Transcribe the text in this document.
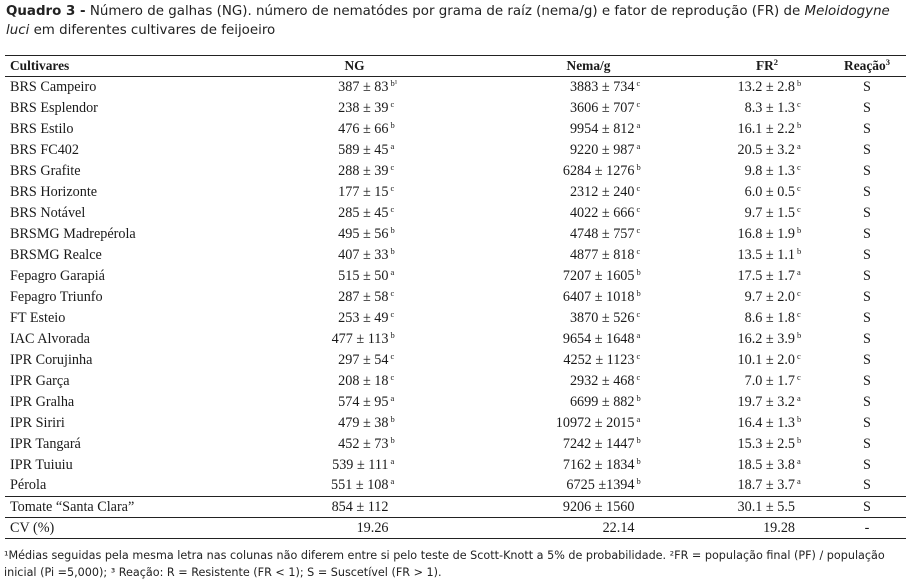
Quadro 3 - Número de galhas (NG). número de nematódes por grama de raíz (nema/g) e fator de reprodução (FR) de Meloidogyne luci em diferentes cultivares de feijoeiro
Cultivares	NG	Nema/g	$FR^2$	Reação$^3$
BRS Campeiro	387 ± 83 b¹	3883 ± 734 c	13.2 ± 2.8 b	S
BRS Esplendor	238 ± 39 c	3606 ± 707 c	8.3 ± 1.3 c	S
BRS Estilo	476 ± 66 b	9954 ± 812 a	16.1 ± 2.2 b	S
BRS FC402	589 ± 45 a	9220 ± 987 a	20.5 ± 3.2 a	S
BRS Grafite	288 ± 39 c	6284 ± 1276 b	9.8 ± 1.3 c	S
BRS Horizonte	177 ± 15 c	2312 ± 240 c	6.0 ± 0.5 c	S
BRS Notável	285 ± 45 c	4022 ± 666 c	9.7 ± 1.5 c	S
BRSMG Madrepérola	495 ± 56 b	4748 ± 757 c	16.8 ± 1.9 b	S
BRSMG Realce	407 ± 33 b	4877 ± 818 c	13.5 ± 1.1 b	S
Fepagro Garapiá	515 ± 50 a	7207 ± 1605 b	17.5 ± 1.7 a	S
Fepagro Triunfo	287 ± 58 c	6407 ± 1018 b	9.7 ± 2.0 c	S
FT Esteio	253 ± 49 c	3870 ± 526 c	8.6 ± 1.8 c	S
IAC Alvorada	477 ± 113 b	9654 ± 1648 a	16.2 ± 3.9 b	S
IPR Corujinha	297 ± 54 c	4252 ± 1123 c	10.1 ± 2.0 c	S
IPR Garça	208 ± 18 c	2932 ± 468 c	7.0 ± 1.7 c	S
IPR Gralha	574 ± 95 a	6699 ± 882 b	19.7 ± 3.2 a	S
IPR Siriri	479 ± 38 b	10972 ± 2015 a	16.4 ± 1.3 b	S
IPR Tangará	452 ± 73 b	7242 ± 1447 b	15.3 ± 2.5 b	S
IPR Tuiuiu	539 ± 111 a	7162 ± 1834 b	18.5 ± 3.8 a	S
Pérola	551 ± 108 a	6725 ±1394 b	18.7 ± 3.7 a	S
Tomate “Santa Clara”	854 ± 112	9206 ± 1560	30.1 ± 5.5	S
CV (%)	19.26	22.14	19.28	-
¹Médias seguidas pela mesma letra nas colunas não diferem entre si pelo teste de Scott-Knott a 5% de probabilidade. ²FR = população final (PF) / população inicial (Pi =5,000); ³ Reação: R = Resistente (FR < 1); S = Suscetível (FR > 1).
